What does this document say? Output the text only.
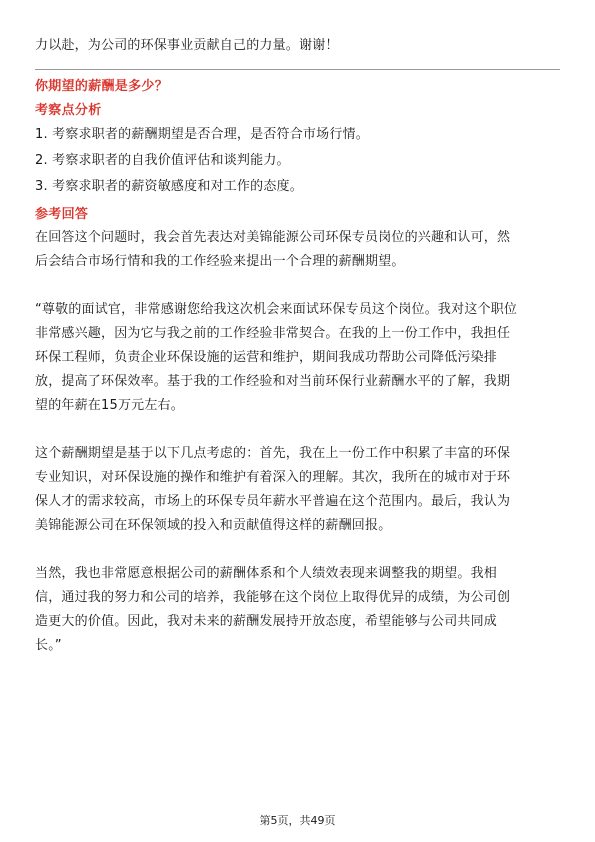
力以赴，为公司的环保事业贡献自己的力量。谢谢！

你期望的薪酬是多少？

考察点分析

1. 考察求职者的薪酬期望是否合理，是否符合市场行情。
2. 考察求职者的自我价值评估和谈判能力。
3. 考察求职者的薪资敏感度和对工作的态度。

参考回答

在回答这个问题时，我会首先表达对美锦能源公司环保专员岗位的兴趣和认可，然

后会结合市场行情和我的工作经验来提出一个合理的薪酬期望。

“尊敬的面试官，非常感谢您给我这次机会来面试环保专员这个岗位。我对这个职位

非常感兴趣，因为它与我之前的工作经验非常契合。在我的上一份工作中，我担任

环保工程师，负责企业环保设施的运营和维护，期间我成功帮助公司降低污染排

放，提高了环保效率。基于我的工作经验和对当前环保行业薪酬水平的了解，我期

望的年薪在15万元左右。

这个薪酬期望是基于以下几点考虑的：首先，我在上一份工作中积累了丰富的环保

专业知识，对环保设施的操作和维护有着深入的理解。其次，我所在的城市对于环

保人才的需求较高，市场上的环保专员年薪水平普遍在这个范围内。最后，我认为

美锦能源公司在环保领域的投入和贡献值得这样的薪酬回报。

当然，我也非常愿意根据公司的薪酬体系和个人绩效表现来调整我的期望。我相

信，通过我的努力和公司的培养，我能够在这个岗位上取得优异的成绩，为公司创

造更大的价值。因此，我对未来的薪酬发展持开放态度，希望能够与公司共同成

长。”

第5页，共49页
